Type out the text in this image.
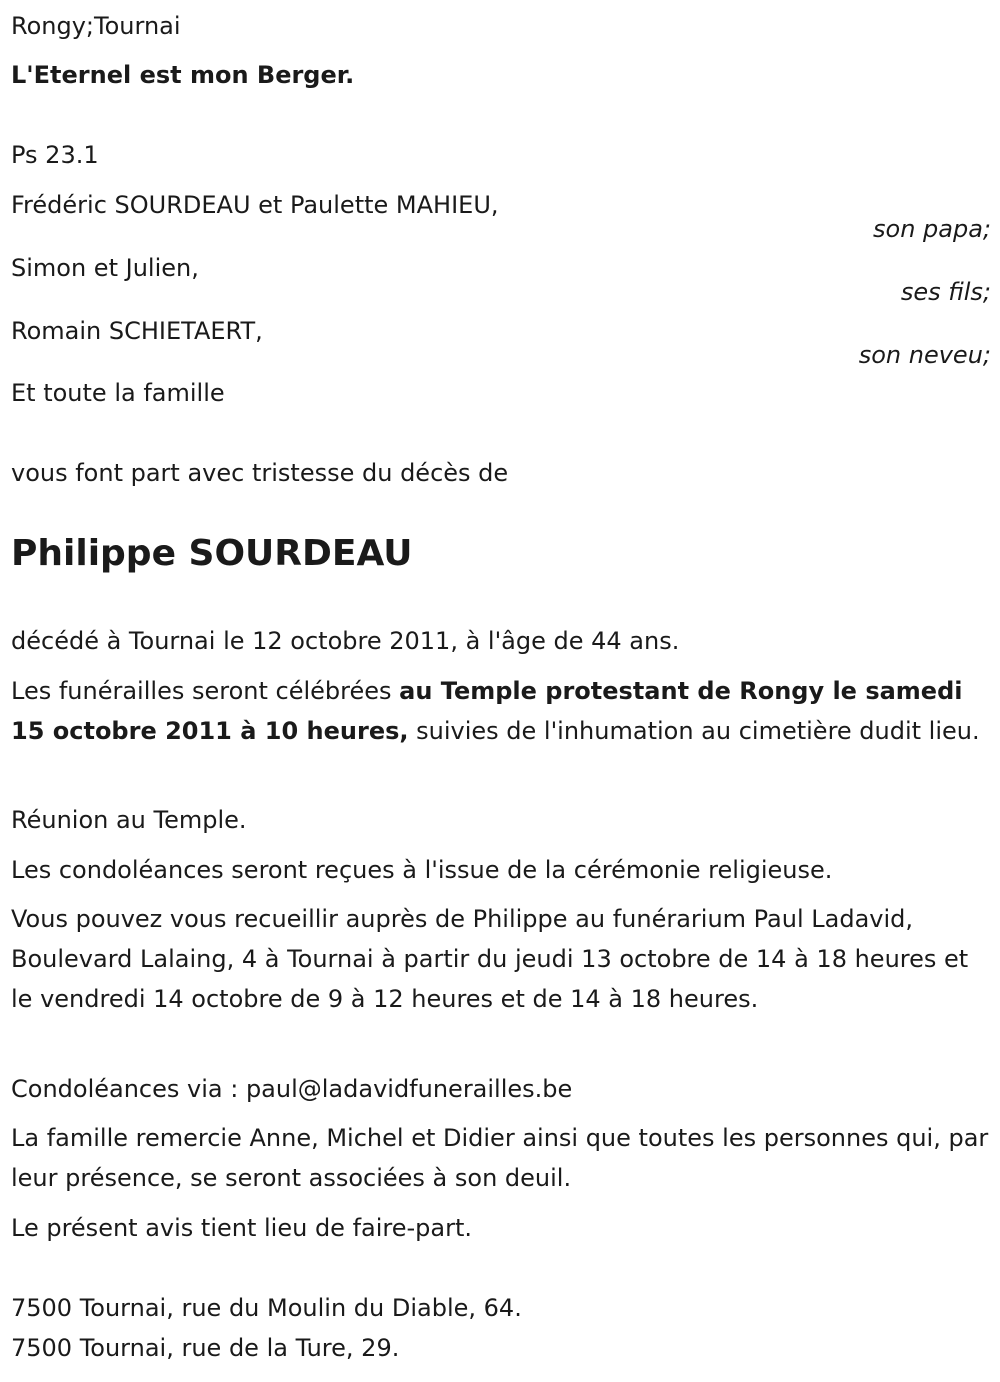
Rongy;Tournai
L'Eternel est mon Berger.
Ps 23.1
Frédéric SOURDEAU et Paulette MAHIEU,
son papa;
Simon et Julien,
ses fils;
Romain SCHIETAERT,
son neveu;
Et toute la famille
vous font part avec tristesse du décès de
Philippe SOURDEAU
décédé à Tournai le 12 octobre 2011, à l'âge de 44 ans.
Les funérailles seront célébrées au Temple protestant de Rongy le samedi 15 octobre 2011 à 10 heures, suivies de l'inhumation au cimetière dudit lieu.
Réunion au Temple.
Les condoléances seront reçues à l'issue de la cérémonie religieuse.
Vous pouvez vous recueillir auprès de Philippe au funérarium Paul Ladavid, Boulevard Lalaing, 4 à Tournai à partir du jeudi 13 octobre de 14 à 18 heures et le vendredi 14 octobre de 9 à 12 heures et de 14 à 18 heures.
Condoléances via : paul@ladavidfunerailles.be
La famille remercie Anne, Michel et Didier ainsi que toutes les personnes qui, par leur présence, se seront associées à son deuil.
Le présent avis tient lieu de faire-part.
7500 Tournai, rue du Moulin du Diable, 64.
7500 Tournai, rue de la Ture, 29.
